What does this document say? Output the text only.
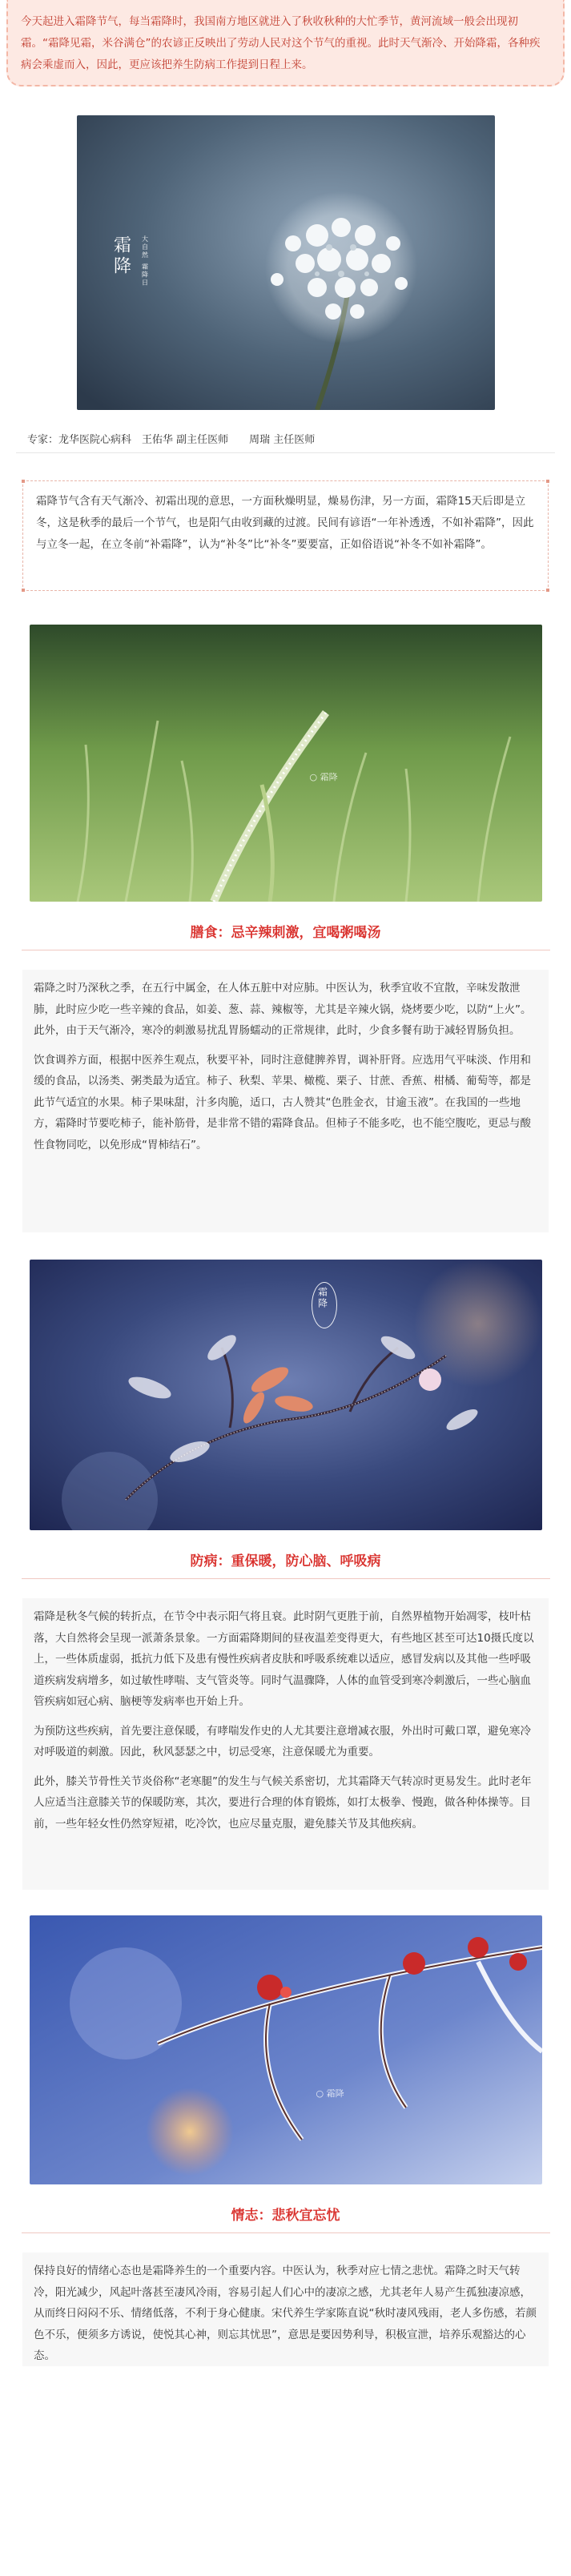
今天起进入霜降节气，每当霜降时，我国南方地区就进入了秋收秋种的大忙季节，黄河流域一般会出现初霜。“霜降见霜，米谷满仓”的农谚正反映出了劳动人民对这个节气的重视。此时天气渐冷、开始降霜，各种疾病会乘虚而入，因此，更应该把养生防病工作提到日程上来。
霜降	大自然 霜降日
专家：龙华医院心病科　王佑华 副主任医师　　周瑞 主任医师
霜降节气含有天气渐冷、初霜出现的意思，一方面秋燥明显，燥易伤津，另一方面，霜降15天后即是立冬，这是秋季的最后一个节气，也是阳气由收到藏的过渡。民间有谚语“一年补透透，不如补霜降”，因此与立冬一起，在立冬前“补霜降”，认为“补冬”比“补冬”要要富，正如俗语说“补冬不如补霜降”。
○ 霜降
膳食：忌辛辣刺激，宜喝粥喝汤

霜降之时乃深秋之季，在五行中属金，在人体五脏中对应肺。中医认为，秋季宜收不宜散，辛味发散泄肺，此时应少吃一些辛辣的食品，如姜、葱、蒜、辣椒等，尤其是辛辣火锅，烧烤要少吃，以防“上火”。此外，由于天气渐冷，寒冷的刺激易扰乱胃肠蠕动的正常规律，此时，少食多餐有助于减轻胃肠负担。

饮食调养方面，根据中医养生观点，秋要平补，同时注意健脾养胃，调补肝肾。应选用气平味淡、作用和缓的食品，以汤类、粥类最为适宜。柿子、秋梨、苹果、橄榄、栗子、甘蔗、香蕉、柑橘、葡萄等，都是此节气适宜的水果。柿子果味甜，汁多肉脆，适口，古人赞其“色胜金衣，甘逾玉液”。在我国的一些地方，霜降时节要吃柿子，能补筋骨，是非常不错的霜降食品。但柿子不能多吃，也不能空腹吃，更忌与酸性食物同吃，以免形成“胃柿结石”。

霜降
防病：重保暖，防心脑、呼吸病

霜降是秋冬气候的转折点，在节令中表示阳气将且衰。此时阴气更胜于前，自然界植物开始凋零，枝叶枯落，大自然将会呈现一派萧条景象。一方面霜降期间的昼夜温差变得更大，有些地区甚至可达10摄氏度以上，一些体质虚弱，抵抗力低下及患有慢性疾病者皮肤和呼吸系统难以适应，感冒发病以及其他一些呼吸道疾病发病增多，如过敏性哮喘、支气管炎等。同时气温骤降，人体的血管受到寒冷刺激后，一些心脑血管疾病如冠心病、脑梗等发病率也开始上升。

为预防这些疾病，首先要注意保暖，有哮喘发作史的人尤其要注意增减衣服，外出时可戴口罩，避免寒冷对呼吸道的刺激。因此，秋风瑟瑟之中，切忌受寒，注意保暖尤为重要。

此外，膝关节骨性关节炎俗称“老寒腿”的发生与气候关系密切，尤其霜降天气转凉时更易发生。此时老年人应适当注意膝关节的保暖防寒，其次，要进行合理的体育锻炼，如打太极拳、慢跑，做各种体操等。目前，一些年轻女性仍然穿短裙，吃冷饮，也应尽量克服，避免膝关节及其他疾病。

○ 霜降
情志：悲秋宜忘忧

保持良好的情绪心态也是霜降养生的一个重要内容。中医认为，秋季对应七情之悲忧。霜降之时天气转冷，阳光减少，风起叶落甚至凄风冷雨，容易引起人们心中的凄凉之感，尤其老年人易产生孤独凄凉感，从而终日闷闷不乐、情绪低落，不利于身心健康。宋代养生学家陈直说“秋时凄风残雨，老人多伤感，若颜色不乐，便须多方诱说，使悦其心神，则忘其忧思”，意思是要因势利导，积极宣泄，培养乐观豁达的心态。
